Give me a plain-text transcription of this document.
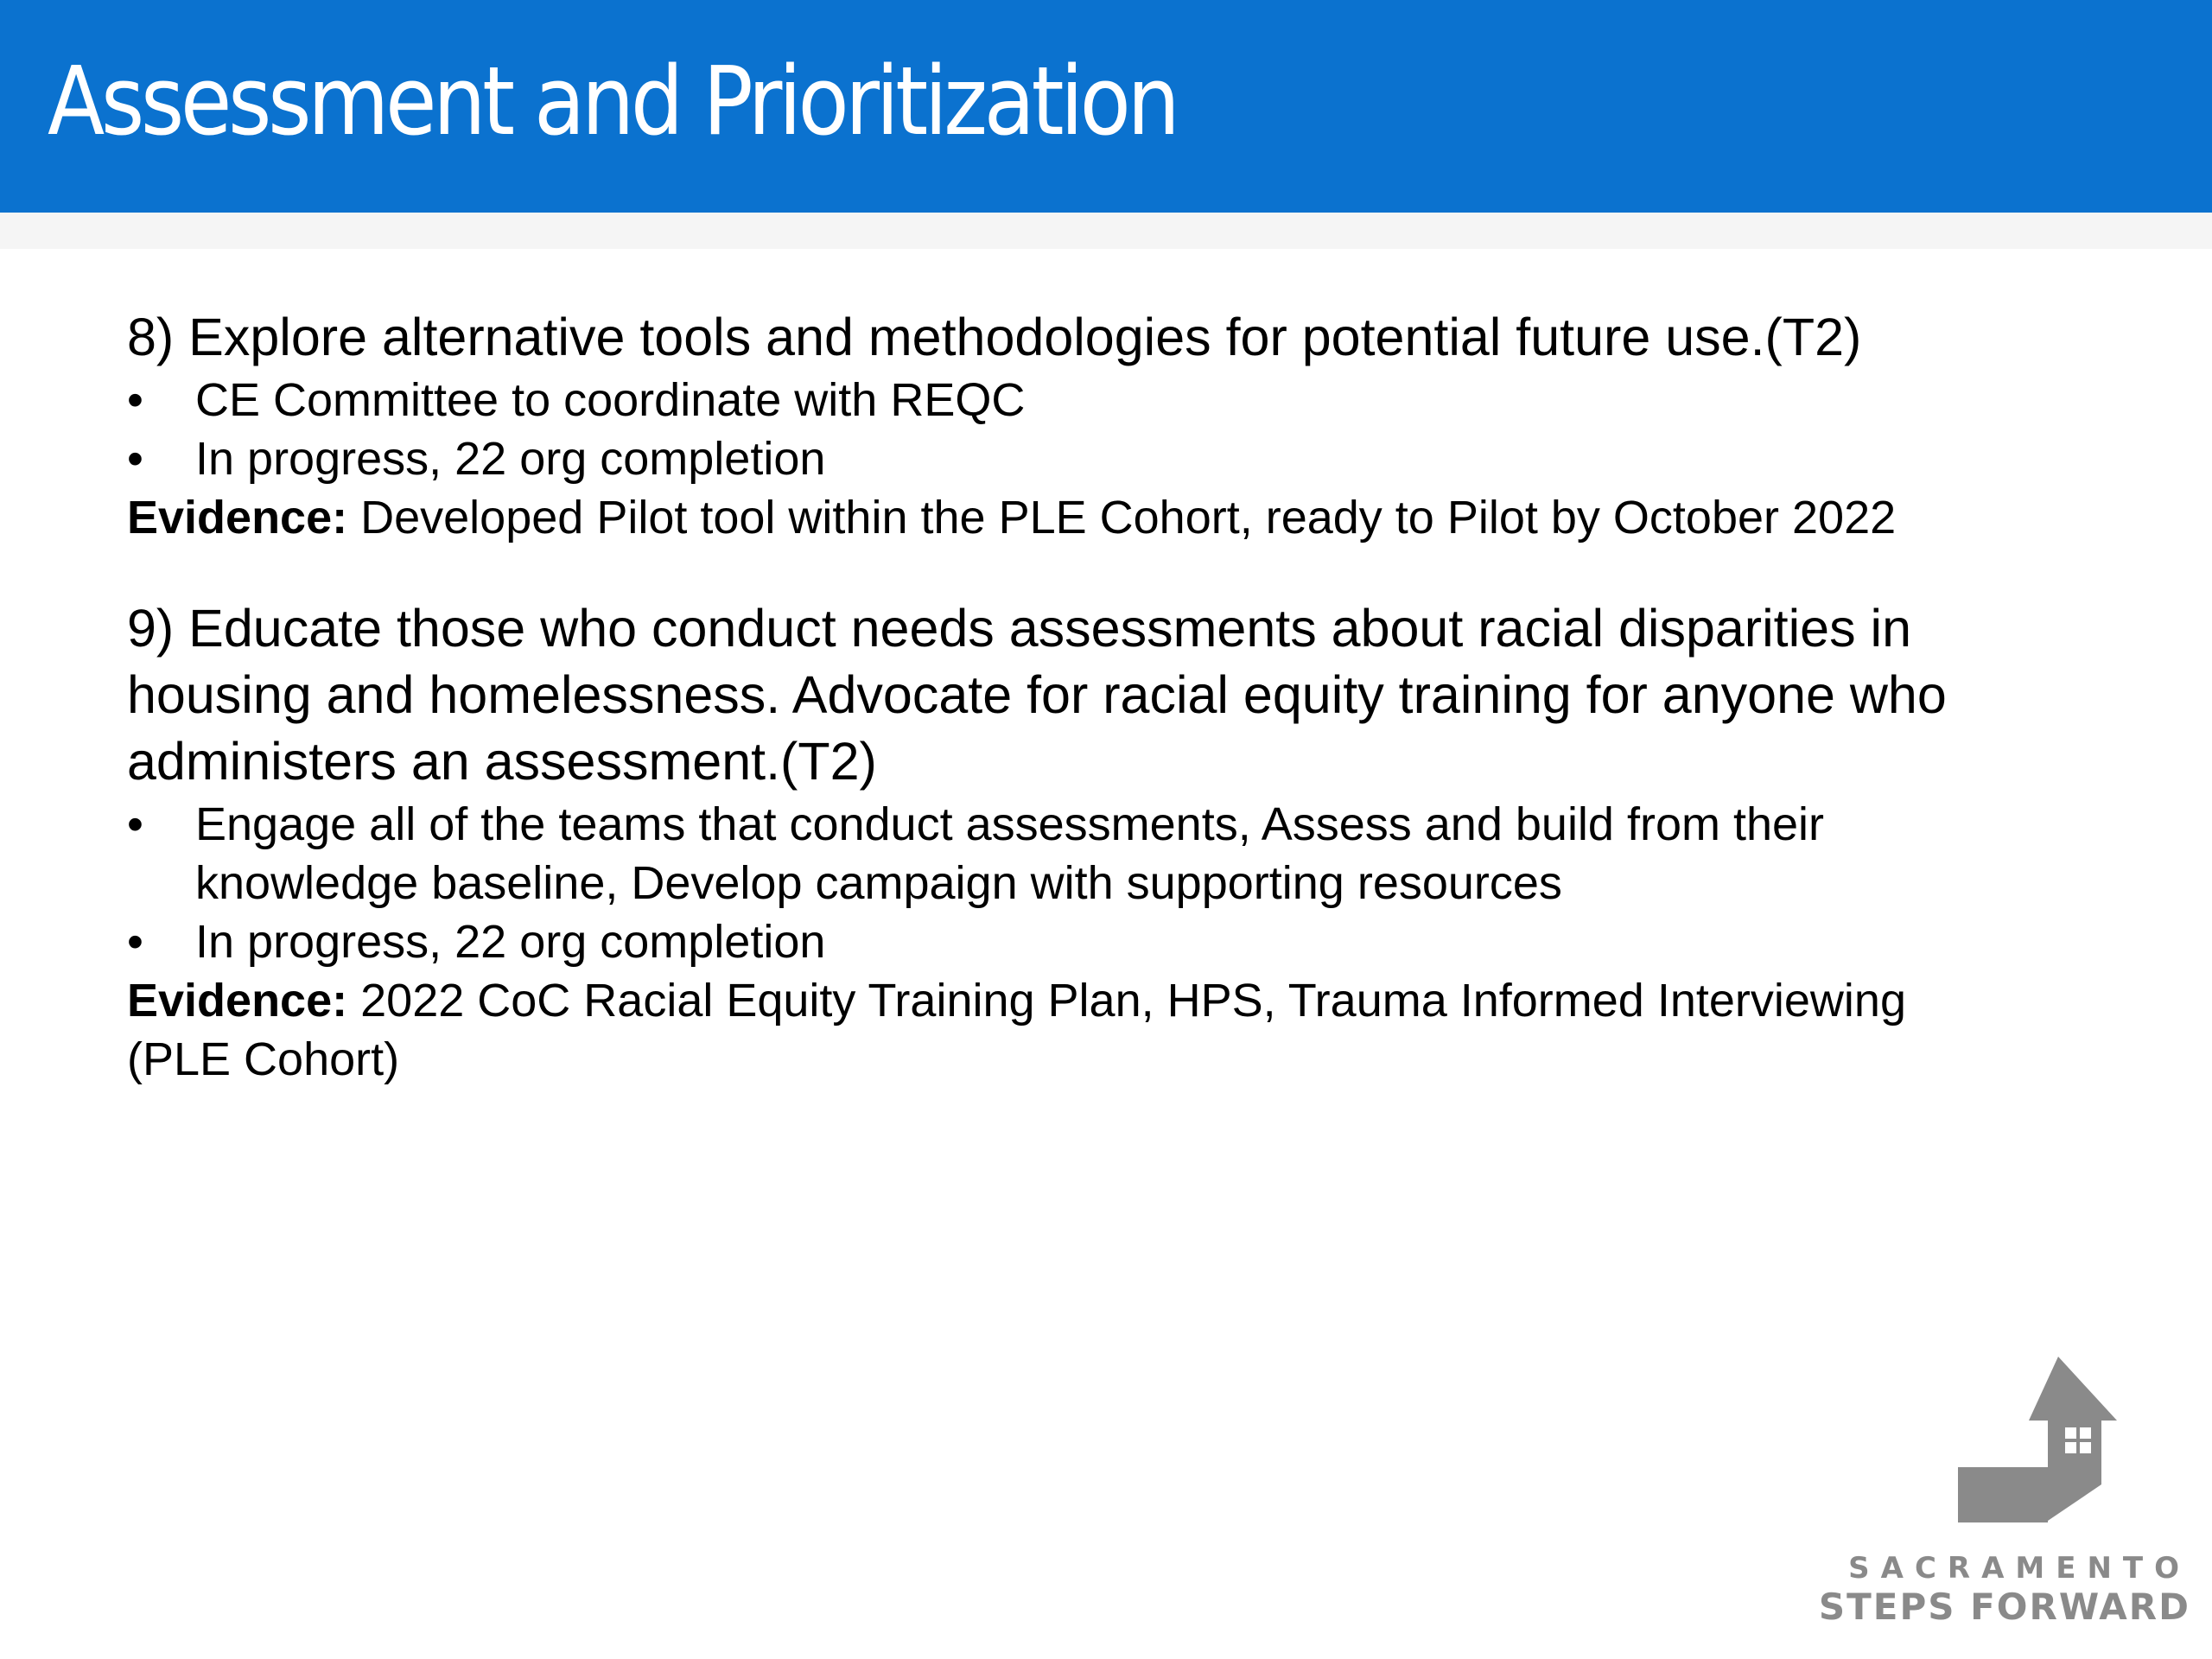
Assessment and Prioritization

8) Explore alternative tools and methodologies for potential future use.(T2)

• CE Committee to coordinate with REQC
• In progress, 22 org completion

Evidence: Developed Pilot tool within the PLE Cohort, ready to Pilot by October 2022

9) Educate those who conduct needs assessments about racial disparities in housing and homelessness. Advocate for racial equity training for anyone who administers an assessment.(T2)

• Engage all of the teams that conduct assessments, Assess and build from their knowledge baseline, Develop campaign with supporting resources
• In progress, 22 org completion

Evidence: 2022 CoC Racial Equity Training Plan, HPS, Trauma Informed Interviewing (PLE Cohort)

SACRAMENTO
STEPS FORWARD
